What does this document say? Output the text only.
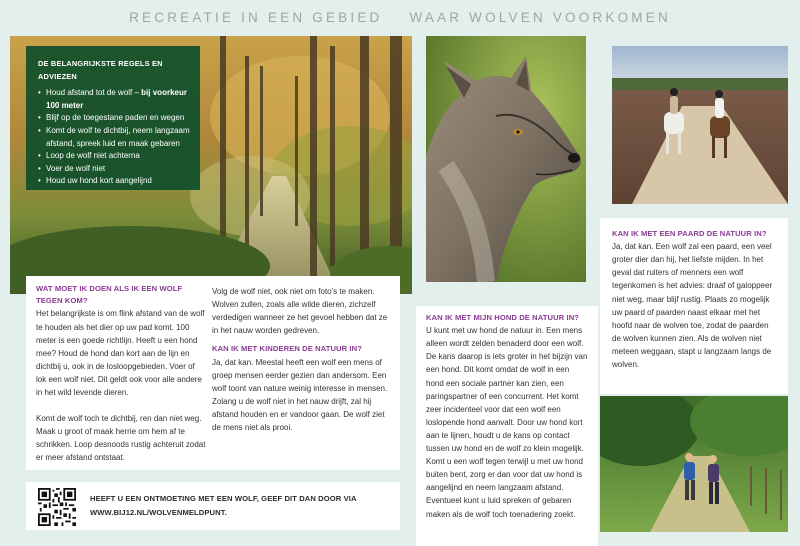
RECREATIE IN EEN GEBIED WAAR WOLVEN VOORKOMEN
DE BELANGRIJKSTE REGELS EN ADVIEZEN
• Houd afstand tot de wolf – bij voorkeur 100 meter
• Blijf op de toegestane paden en wegen
• Komt de wolf te dichtbij, neem langzaam afstand, spreek luid en maak gebaren
• Loop de wolf niet achterna
• Voer de wolf niet
• Houd uw hond kort aangelijnd
WAT MOET IK DOEN ALS IK EEN WOLF TEGEN KOM?

Het belangrijkste is om flink afstand van de wolf te houden als het dier op uw pad komt. 100 meter is een goede richtlijn. Heeft u een hond mee? Houd de hond dan kort aan de lijn en dichtbij u, ook in de losloopgebieden. Voer of lok een wolf niet. Dit geldt ook voor alle andere in het wild levende dieren.

Komt de wolf toch te dichtbij, ren dan niet weg. Maak u groot of maak herrie om hem af te schrikken. Loop desnoods rustig achteruit zodat er meer afstand ontstaat.

Volg de wolf niet, ook niet om foto's te maken. Wolven zullen, zoals alle wilde dieren, zichzelf verdedigen wanneer ze het gevoel hebben dat ze in het nauw worden gedreven.

KAN IK MET KINDEREN DE NATUUR IN?

Ja, dat kan. Meestal heeft een wolf een mens of groep mensen eerder gezien dan andersom. Een wolf toont van nature weinig interesse in mensen. Zolang u de wolf niet in het nauw drijft, zal hij afstand houden en er vandoor gaan. De wolf ziet de mens niet als prooi.

HEEFT U EEN ONTMOETING MET EEN WOLF, GEEF DIT DAN DOOR VIA
WWW.BIJ12.NL/WOLVENMELDPUNT.
KAN IK MET MIJN HOND DE NATUUR IN?

U kunt met uw hond de natuur in. Een mens alleen wordt zelden benaderd door een wolf. De kans daarop is iets groter in het bijzijn van een hond. Dit komt omdat de wolf in een hond een sociale partner kan zien, een paringspartner of een concurrent. Het komt zeer incidenteel voor dat een wolf een loslopende hond aanvalt. Door uw hond kort aan te lijnen, houdt u de kans op contact tussen uw hond en de wolf zo klein mogelijk. Komt u een wolf tegen terwijl u met uw hond buiten bent, zorg er dan voor dat uw hond is aangelijnd en neem langzaam afstand. Eventueel kunt u luid spreken of gebaren maken als de wolf toch toenadering zoekt.

KAN IK MET EEN PAARD DE NATUUR IN?

Ja, dat kan. Een wolf zal een paard, een veel groter dier dan hij, het liefste mijden. In het geval dat ruiters of menners een wolf tegenkomen is het advies: draaf of galoppeer niet weg, maar blijf rustig. Plaats zo mogelijk uw paard of paarden naast elkaar met het hoofd naar de wolven toe, zodat de paarden de wolven kunnen zien. Als de wolven niet meteen weggaan, stapt u langzaam langs de wolven.
